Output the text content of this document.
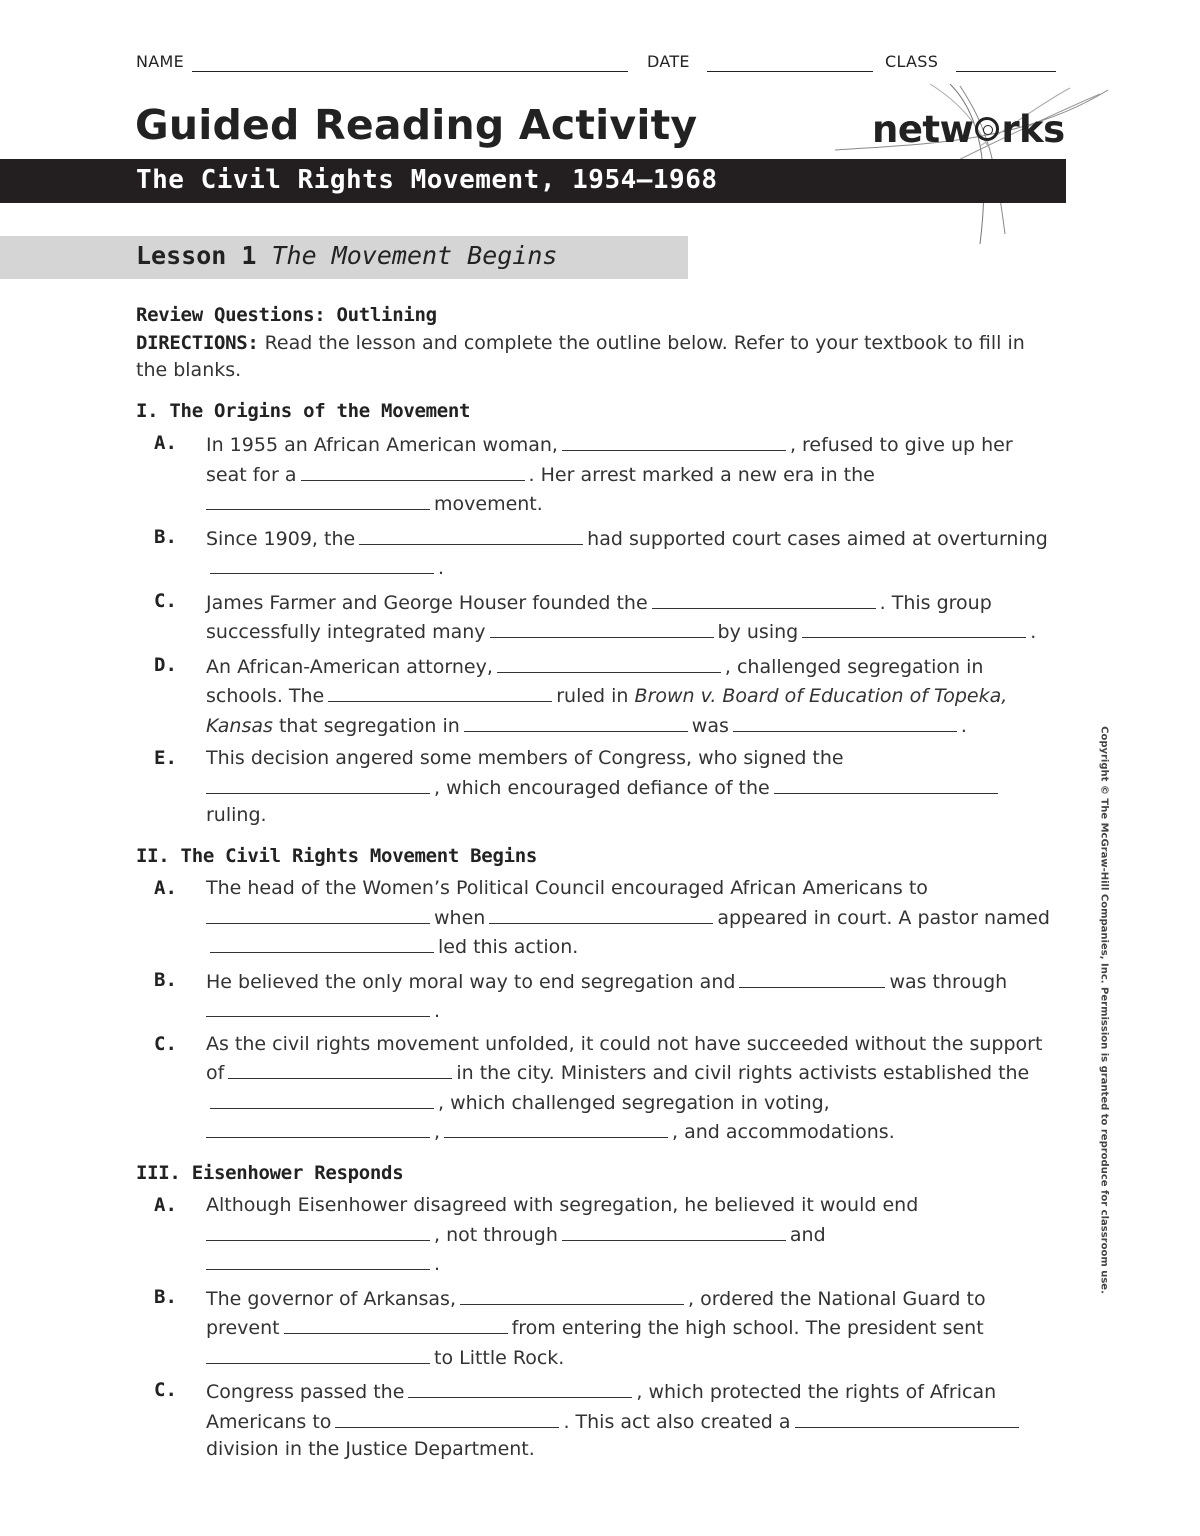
NAME	DATE	CLASS
Guided Reading Activity	netw rks
The Civil Rights Movement, 1954–1968
Lesson 1 The Movement Begins
Review Questions: Outlining

DIRECTIONS: Read the lesson and complete the outline below. Refer to your textbook to fill in the blanks.

I. The Origins of the Movement
A. In 1955 an African American woman,	, refused to give up her seat for a	. Her arrest marked a new era in the
movement.
B. Since 1909, the	had supported court cases aimed at overturning.
C. James Farmer and George Houser founded the	. This group successfully integrated many	by using	.
D. An African-American attorney,	, challenged segregation in schools. The	ruled in Brown v. Board of Education of Topeka, Kansas that segregation in	was	.
E. This decision angered some members of Congress, who signed the
, which encouraged defiance of the
ruling.
II. The Civil Rights Movement Begins
A. The head of the Women’s Political Council encouraged African Americans to
when	appeared in court. A pastor namedled this action.
B. He believed the only moral way to end segregation and	was through
.
C. As the civil rights movement unfolded, it could not have succeeded without the support of	in the city. Ministers and civil rights activists established the, which challenged segregation in voting,
,	, and accommodations.
III. Eisenhower Responds
A. Although Eisenhower disagreed with segregation, he believed it would end
, not through	and
.
B. The governor of Arkansas,	, ordered the National Guard to prevent	from entering the high school. The president sent
to Little Rock.
C. Congress passed the	, which protected the rights of African Americans to	. This act also created a
division in the Justice Department.
Copyright © The McGraw-Hill Companies, Inc. Permission is granted to reproduce for classroom use.
